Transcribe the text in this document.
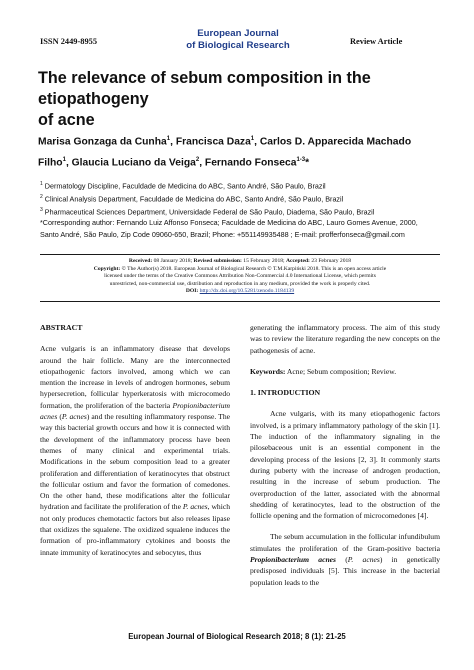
ISSN 2449-8955
European Journal
of Biological Research	Review Article
The relevance of sebum composition in the etiopathogeny
of acne
Marisa Gonzaga da Cunha$^1$, Francisca Daza$^1$, Carlos D. Apparecida Machado Filho$^1$, Glaucia Luciano da Veiga$^2$, Fernando Fonseca$^{1-3}$*
$^1$ Dermatology Discipline, Faculdade de Medicina do ABC, Santo André, São Paulo, Brazil
$^2$ Clinical Analysis Department, Faculdade de Medicina do ABC, Santo André, São Paulo, Brazil
$^3$ Pharmaceutical Sciences Department, Universidade Federal de São Paulo, Diadema, São Paulo, Brazil
*Corresponding author: Fernando Luiz Affonso Fonseca; Faculdade de Medicina do ABC, Lauro Gomes Avenue, 2000,
Santo André, São Paulo, Zip Code 09060-650, Brazil; Phone: +551149935488 ; E-mail: profferfonseca@gmail.com
Received: 08 January 2018; Revised submission: 15 February 2018; Accepted: 23 February 2018
Copyright: © The Author(s) 2018. European Journal of Biological Research © T.M.Karpiński 2018. This is an open access article
licensed under the terms of the Creative Commons Attribution Non-Commercial 4.0 International License, which permits
unrestricted, non-commercial use, distribution and reproduction in any medium, provided the work is properly cited.
DOI: http://dx.doi.org/10.5281/zenodo.1184139
ABSTRACT

Acne vulgaris is an inflammatory disease that develops around the hair follicle. Many are the interconnected etiopathogenic factors involved, among which we can mention the increase in levels of androgen hormones, sebum hypersecretion, follicular hyperkeratosis with microcomedo formation, the proliferation of the bacteria Propionibacterium acnes (P. acnes) and the resulting inflammatory response. The way this bacterial growth occurs and how it is connected with the development of the inflammatory process have been themes of many clinical and experimental trials. Modifications in the sebum composition lead to a greater proliferation and differentiation of keratinocytes that obstruct the follicular ostium and favor the formation of comedones. On the other hand, these modifications alter the follicular hydration and facilitate the proliferation of the P. acnes, which not only produces chemotactic factors but also releases lipase that oxidizes the squalene. The oxidized squalene induces the formation of pro-inflammatory cytokines and boosts the innate immunity of keratinocytes and sebocytes, thus

generating the inflammatory process. The aim of this study was to review the literature regarding the new concepts on the pathogenesis of acne.

Keywords: Acne; Sebum composition; Review.

1. INTRODUCTION

Acne vulgaris, with its many etiopathogenic factors involved, is a primary inflammatory pathology of the skin [1]. The induction of the inflammatory signaling in the pilosebaceous unit is an essential component in the developing process of the lesions [2, 3]. It commonly starts during puberty with the increase of androgen production, resulting in the increase of sebum production. The overproduction of the latter, associated with the abnormal shedding of keratinocytes, lead to the obstruction of the follicle opening and the formation of microcomedones [4].

The sebum accumulation in the follicular infundibulum stimulates the proliferation of the Gram-positive bacteria Propionibacterium acnes (P. acnes) in genetically predisposed individuals [5]. This increase in the bacterial population leads to the

European Journal of Biological Research 2018; 8 (1): 21-25
